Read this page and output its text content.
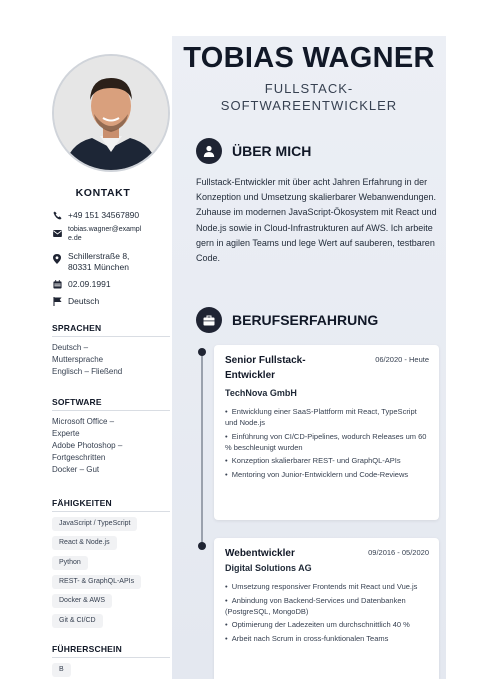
KONTAKT
+49 151 34567890
tobias.wagner@exampl
e.de
Schillerstraße 8,
80331 München
02.09.1991
Deutsch
SPRACHEN
Deutsch –
Muttersprache
Englisch – Fließend
SOFTWARE
Microsoft Office –
Experte
Adobe Photoshop –
Fortgeschritten
Docker – Gut
FÄHIGKEITEN
JavaScript / TypeScript
React & Node.js
Python
REST- & GraphQL-APIs
Docker & AWS
Git & CI/CD
FÜHRERSCHEIN
B
TOBIAS WAGNER
FULLSTACK-
SOFTWAREENTWICKLER
ÜBER MICH
Fullstack-Entwickler mit über acht Jahren Erfahrung in der Konzeption und Umsetzung skalierbarer Webanwendungen. Zuhause im modernen JavaScript-Ökosystem mit React und Node.js sowie in Cloud-Infrastrukturen auf AWS. Ich arbeite gern in agilen Teams und lege Wert auf sauberen, testbaren Code.
BERUFSERFAHRUNG
Senior Fullstack-
Entwickler
06/2020 - Heute
TechNova GmbH
•  Entwicklung einer SaaS-Plattform mit React, TypeScript und Node.js
•  Einführung von CI/CD-Pipelines, wodurch Releases um 60 % beschleunigt wurden
•  Konzeption skalierbarer REST- und GraphQL-APIs
•  Mentoring von Junior-Entwicklern und Code-Reviews
Webentwickler	09/2016 - 05/2020
Digital Solutions AG
•  Umsetzung responsiver Frontends mit React und Vue.js
•  Anbindung von Backend-Services und Datenbanken (PostgreSQL, MongoDB)
•  Optimierung der Ladezeiten um durchschnittlich 40 %
•  Arbeit nach Scrum in cross-funktionalen Teams
